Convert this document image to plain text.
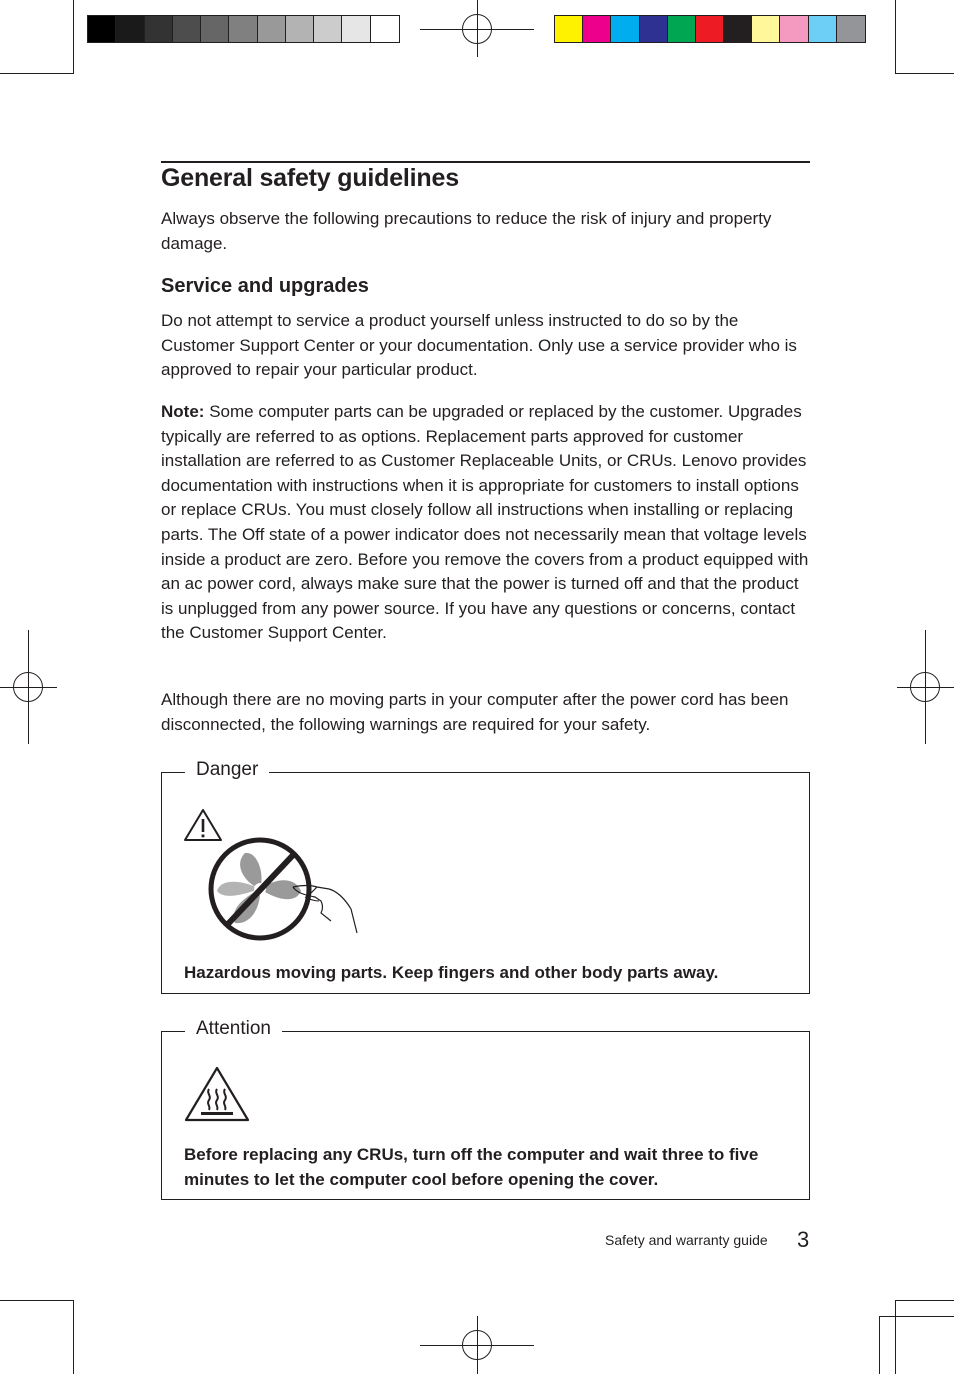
General safety guidelines

Always observe the following precautions to reduce the risk of injury and property damage.

Service and upgrades

Do not attempt to service a product yourself unless instructed to do so by the Customer Support Center or your documentation. Only use a service provider who is approved to repair your particular product.

Note: Some computer parts can be upgraded or replaced by the customer. Upgrades typically are referred to as options. Replacement parts approved for customer installation are referred to as Customer Replaceable Units, or CRUs. Lenovo provides documentation with instructions when it is appropriate for customers to install options or replace CRUs. You must closely follow all instructions when installing or replacing parts. The Off state of a power indicator does not necessarily mean that voltage levels inside a product are zero. Before you remove the covers from a product equipped with an ac power cord, always make sure that the power is turned off and that the product is unplugged from any power source. If you have any questions or concerns, contact the Customer Support Center.

Although there are no moving parts in your computer after the power cord has been disconnected, the following warnings are required for your safety.

Danger
Hazardous moving parts. Keep fingers and other body parts away.
Attention
Before replacing any CRUs, turn off the computer and wait three to five minutes to let the computer cool before opening the cover.
Safety and warranty guide 3
